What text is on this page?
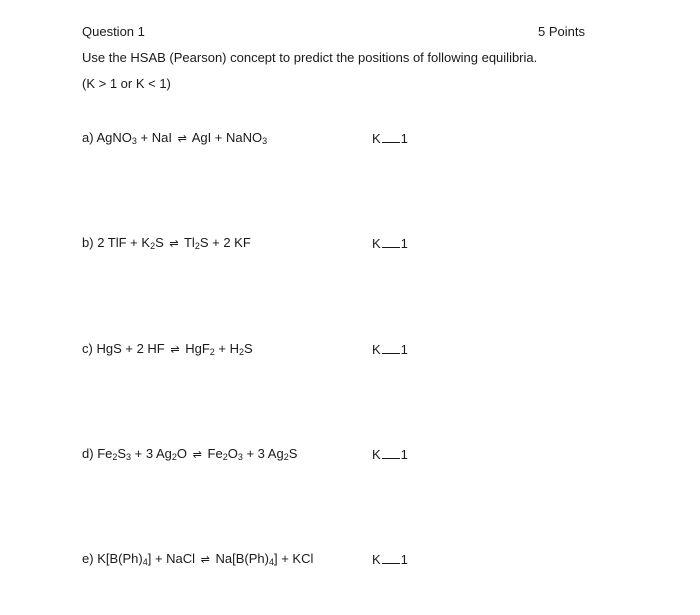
Question 1	5 Points
Use the HSAB (Pearson) concept to predict the positions of following equilibria.
(K > 1 or K < 1)
a) AgNO$_3$ + NaI ⇌ AgI + NaNO$_3$	K 1
b) 2 TlF + $K_2S$ ⇌ $Tl_2S + 2$ KF	K 1
c) HgS + 2 HF ⇌ $HgF_2 + H_2S$	K 1
d) $Fe_2S_3 + 3$ $Ag_2O$ ⇌ $Fe_2O_3 + 3$ $Ag_2S$	K 1
e) $K[B(Ph)_4]$ + NaCl ⇌ $Na[B(Ph)_4]$ + KCl	K 1
